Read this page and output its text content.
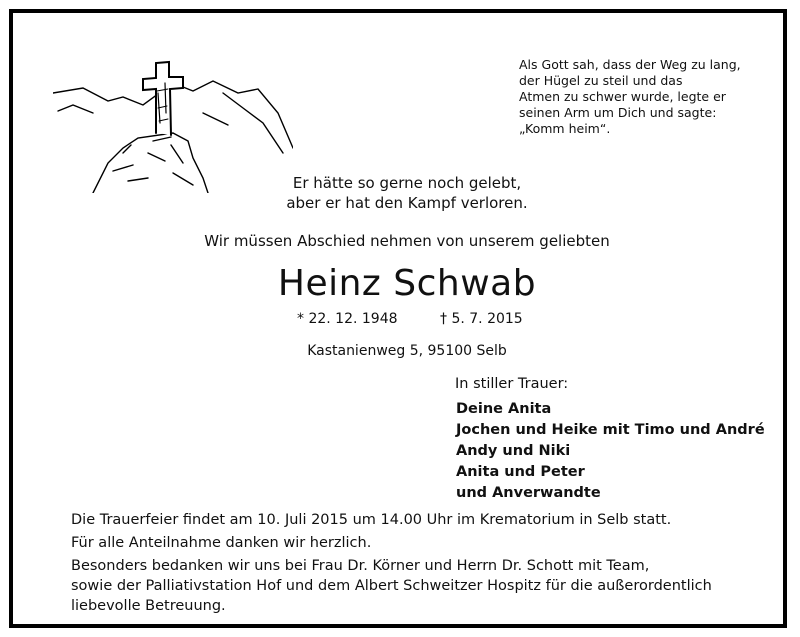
Als Gott sah, dass der Weg zu lang,
der Hügel zu steil und das
Atmen zu schwer wurde, legte er
seinen Arm um Dich und sagte:
„Komm heim“.
Er hätte so gerne noch gelebt,
aber er hat den Kampf verloren.
Wir müssen Abschied nehmen von unserem geliebten
Heinz Schwab
* 22. 12. 1948	† 5. 7. 2015
Kastanienweg 5, 95100 Selb
In stiller Trauer:
Deine Anita
Jochen und Heike mit Timo und André
Andy und Niki
Anita und Peter
und Anverwandte
Die Trauerfeier findet am 10. Juli 2015 um 14.00 Uhr im Krematorium in Selb statt.
Für alle Anteilnahme danken wir herzlich.
Besonders bedanken wir uns bei Frau Dr. Körner und Herrn Dr. Schott mit Team,
sowie der Palliativstation Hof und dem Albert Schweitzer Hospitz für die außerordentlich
liebevolle Betreuung.
